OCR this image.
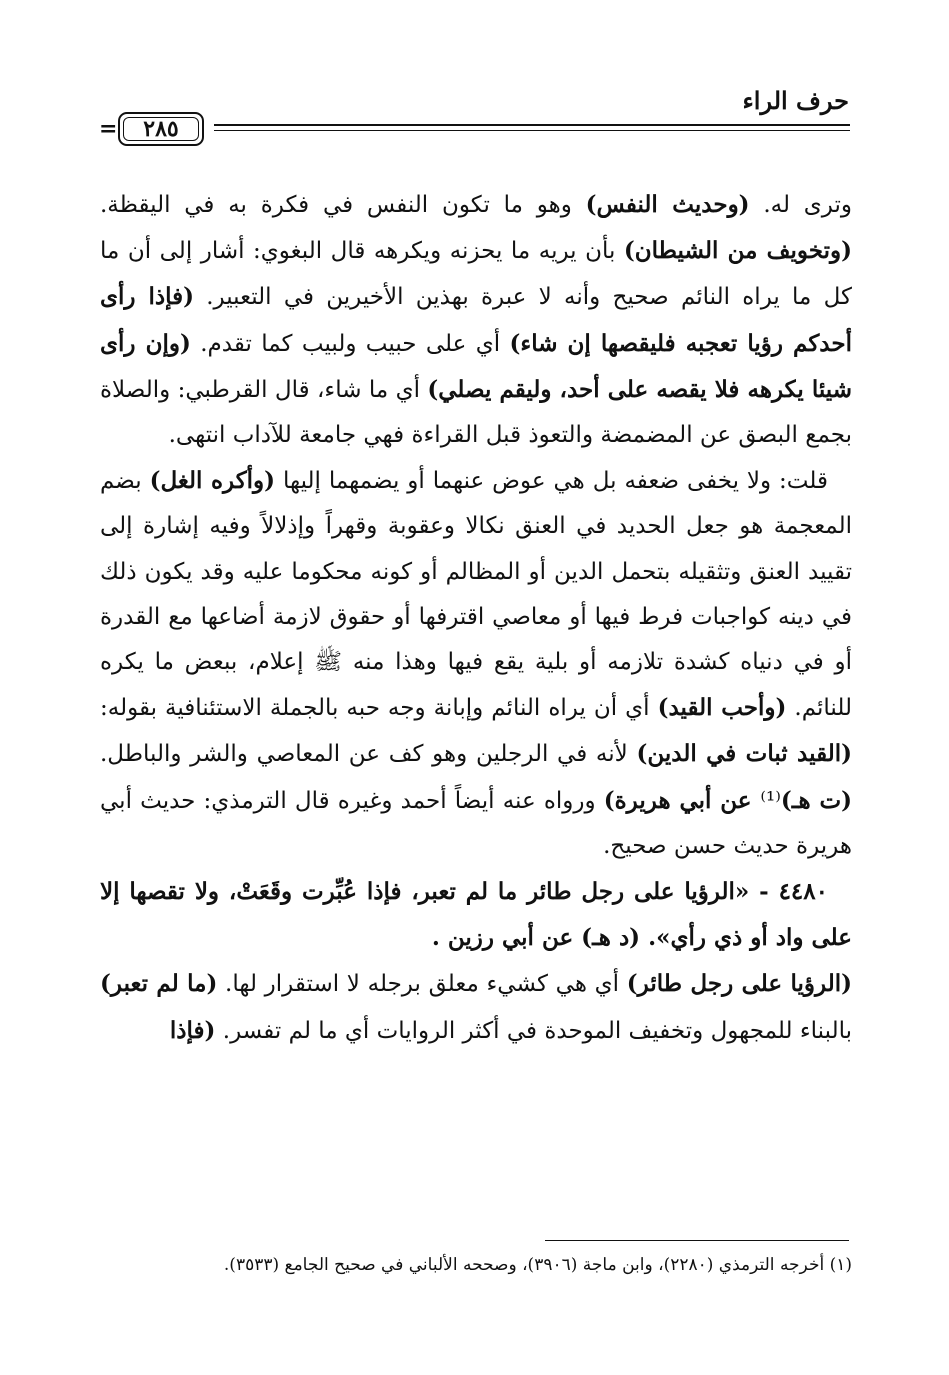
حرف الراء
= ٢٨٥

وترى له. (وحديث النفس) وهو ما تكون النفس في فكرة به في اليقظة. (وتخويف من الشيطان) بأن يريه ما يحزنه ويكرهه قال البغوي: أشار إلى أن ما كل ما يراه النائم صحيح وأنه لا عبرة بهذين الأخيرين في التعبير. (فإذا رأى أحدكم رؤيا تعجبه فليقصها إن شاء) أي على حبيب ولبيب كما تقدم. (وإن رأى شيئا يكرهه فلا يقصه على أحد، وليقم يصلي) أي ما شاء، قال القرطبي: والصلاة بجمع البصق عن المضمضة والتعوذ قبل القراءة فهي جامعة للآداب انتهى.

قلت: ولا يخفى ضعفه بل هي عوض عنهما أو يضمهما إليها (وأكره الغل) بضم المعجمة هو جعل الحديد في العنق نكالا وعقوبة وقهراً وإذلالاً وفيه إشارة إلى تقييد العنق وتثقيله بتحمل الدين أو المظالم أو كونه محكوما عليه وقد يكون ذلك في دينه كواجبات فرط فيها أو معاصي اقترفها أو حقوق لازمة أضاعها مع القدرة أو في دنياه كشدة تلازمه أو بلية يقع فيها وهذا منه ﷺ إعلام، ببعض ما يكره للنائم. (وأحب القيد) أي أن يراه النائم وإبانة وجه حبه بالجملة الاستئنافية بقوله: (القيد ثبات في الدين) لأنه في الرجلين وهو كف عن المعاصي والشر والباطل. (ت هـ)⁽¹⁾ عن أبي هريرة) ورواه عنه أيضاً أحمد وغيره قال الترمذي: حديث أبي هريرة حديث حسن صحيح.

٤٤٨٠ - «الرؤيا على رجل طائر ما لم تعبر، فإذا عُبِّرت وقَعَتْ، ولا تقصها إلا على واد أو ذي رأي». (د هـ) عن أبي رزين .

(الرؤيا على رجل طائر) أي هي كشيء معلق برجله لا استقرار لها. (ما لم تعبر) بالبناء للمجهول وتخفيف الموحدة في أكثر الروايات أي ما لم تفسر. (فإذا

(١) أخرجه الترمذي (٢٢٨٠)، وابن ماجة (٣٩٠٦)، وصححه الألباني في صحيح الجامع (٣٥٣٣).
